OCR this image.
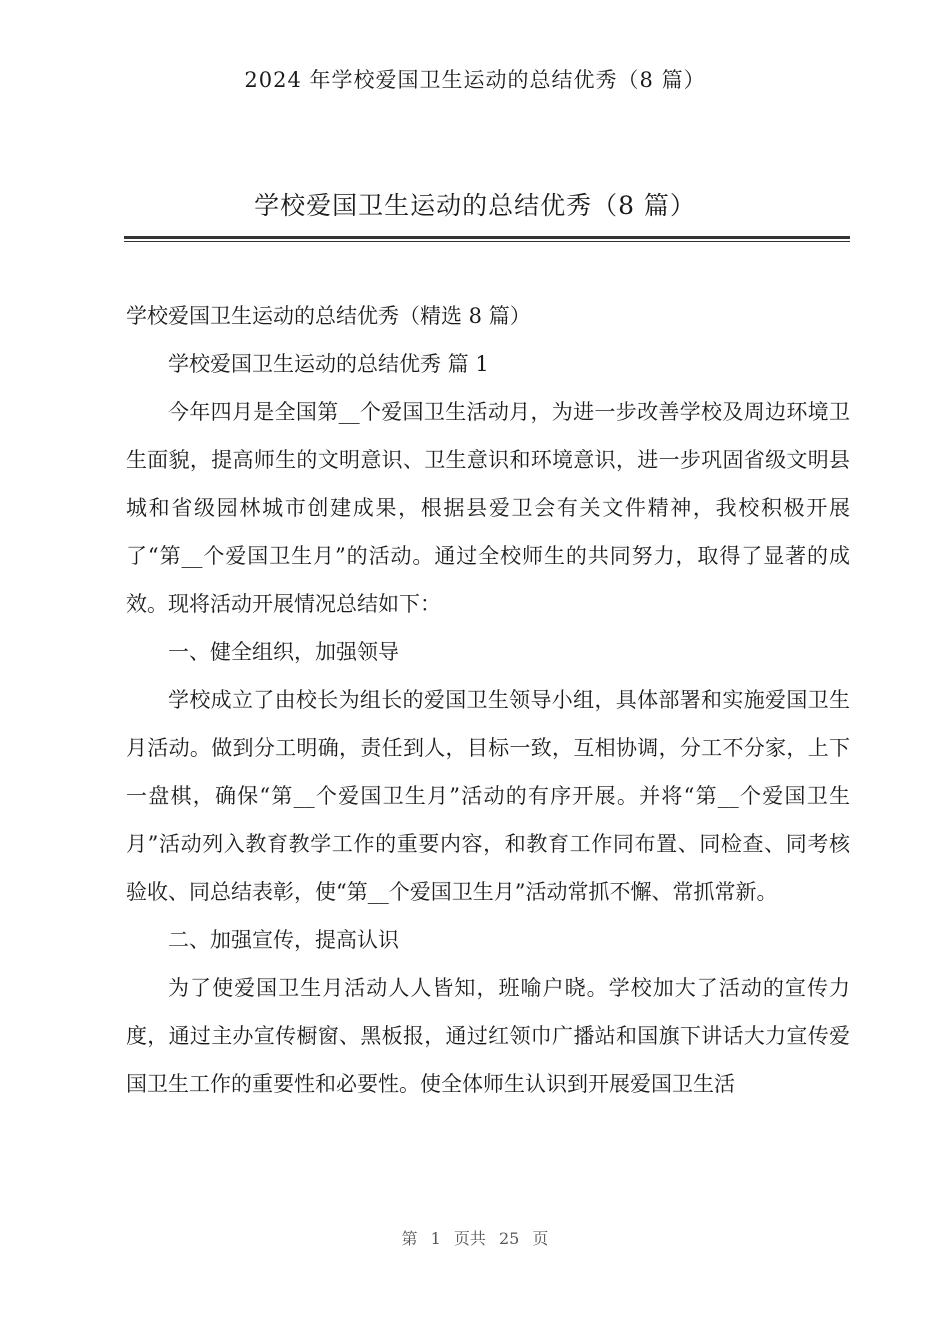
2024 年学校爱国卫生运动的总结优秀（8 篇）
学校爱国卫生运动的总结优秀（8 篇）

学校爱国卫生运动的总结优秀（精选 8 篇）

学校爱国卫生运动的总结优秀 篇 1

今年四月是全国第__个爱国卫生活动月，为进一步改善学校及周边环境卫生面貌，提高师生的文明意识、卫生意识和环境意识，进一步巩固省级文明县城和省级园林城市创建成果，根据县爱卫会有关文件精神，我校积极开展了“第__个爱国卫生月”的活动。通过全校师生的共同努力，取得了显著的成效。现将活动开展情况总结如下：

一、健全组织，加强领导

学校成立了由校长为组长的爱国卫生领导小组，具体部署和实施爱国卫生月活动。做到分工明确，责任到人，目标一致，互相协调，分工不分家，上下一盘棋，确保“第__个爱国卫生月”活动的有序开展。并将“第__个爱国卫生月”活动列入教育教学工作的重要内容，和教育工作同布置、同检查、同考核验收、同总结表彰，使“第__个爱国卫生月”活动常抓不懈、常抓常新。

二、加强宣传，提高认识

为了使爱国卫生月活动人人皆知，班喻户晓。学校加大了活动的宣传力度，通过主办宣传橱窗、黑板报，通过红领巾广播站和国旗下讲话大力宣传爱国卫生工作的重要性和必要性。使全体师生认识到开展爱国卫生活

第 1 页共 25 页
